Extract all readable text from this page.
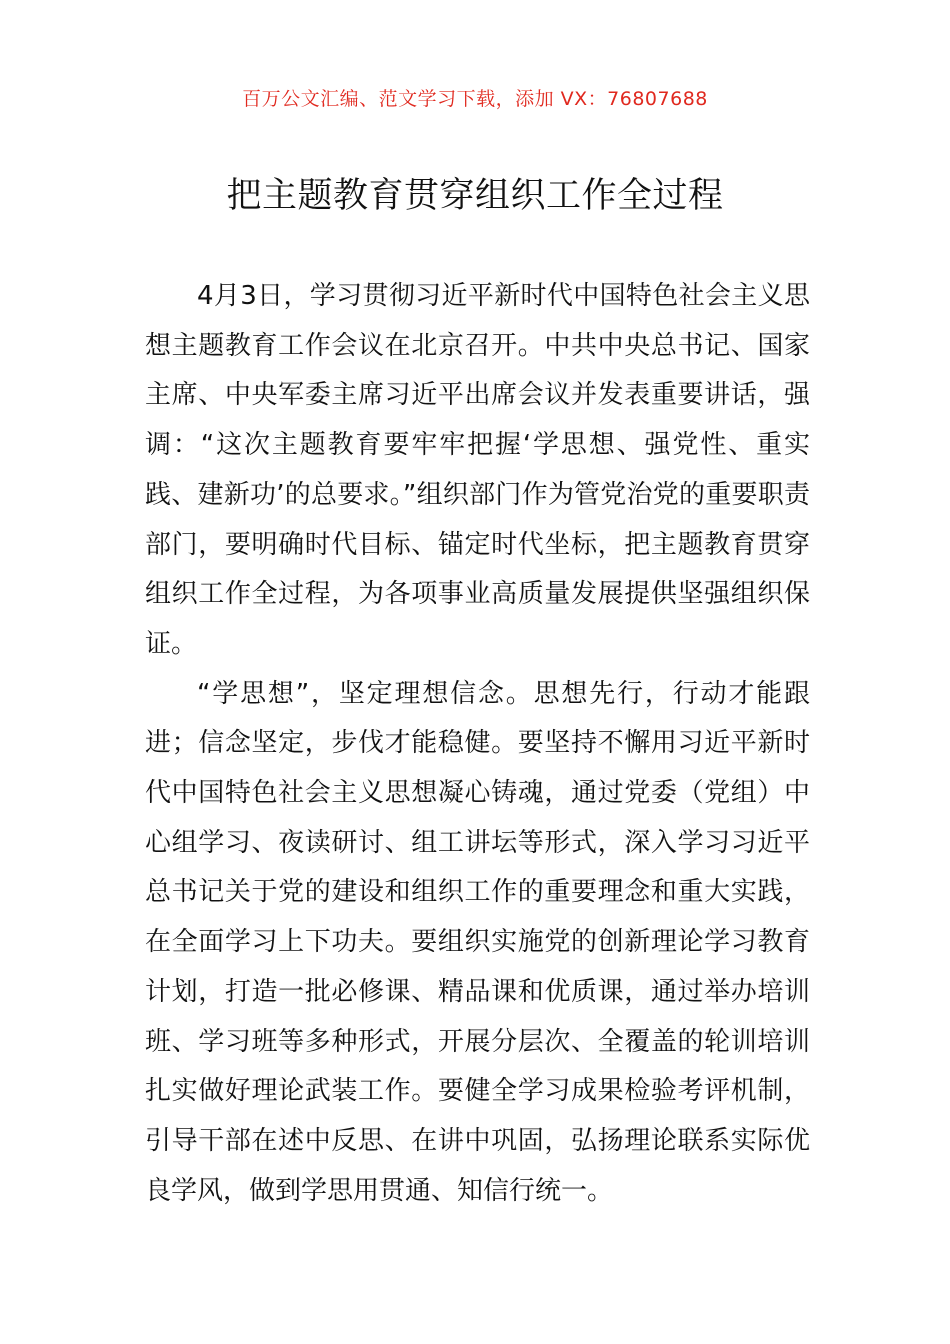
百万公文汇编、范文学习下载，添加 VX：76807688
把主题教育贯穿组织工作全过程

4月3日，学习贯彻习近平新时代中国特色社会主义思想主题教育工作会议在北京召开。中共中央总书记、国家主席、中央军委主席习近平出席会议并发表重要讲话，强调：“这次主题教育要牢牢把握‘学思想、强党性、重实践、建新功’的总要求。”组织部门作为管党治党的重要职责部门，要明确时代目标、锚定时代坐标，把主题教育贯穿组织工作全过程，为各项事业高质量发展提供坚强组织保证。

“学思想”，坚定理想信念。思想先行，行动才能跟进；信念坚定，步伐才能稳健。要坚持不懈用习近平新时代中国特色社会主义思想凝心铸魂，通过党委（党组）中心组学习、夜读研讨、组工讲坛等形式，深入学习习近平总书记关于党的建设和组织工作的重要理念和重大实践，在全面学习上下功夫。要组织实施党的创新理论学习教育计划，打造一批必修课、精品课和优质课，通过举办培训班、学习班等多种形式，开展分层次、全覆盖的轮训培训扎实做好理论武装工作。要健全学习成果检验考评机制，引导干部在述中反思、在讲中巩固，弘扬理论联系实际优良学风，做到学思用贯通、知信行统一。
